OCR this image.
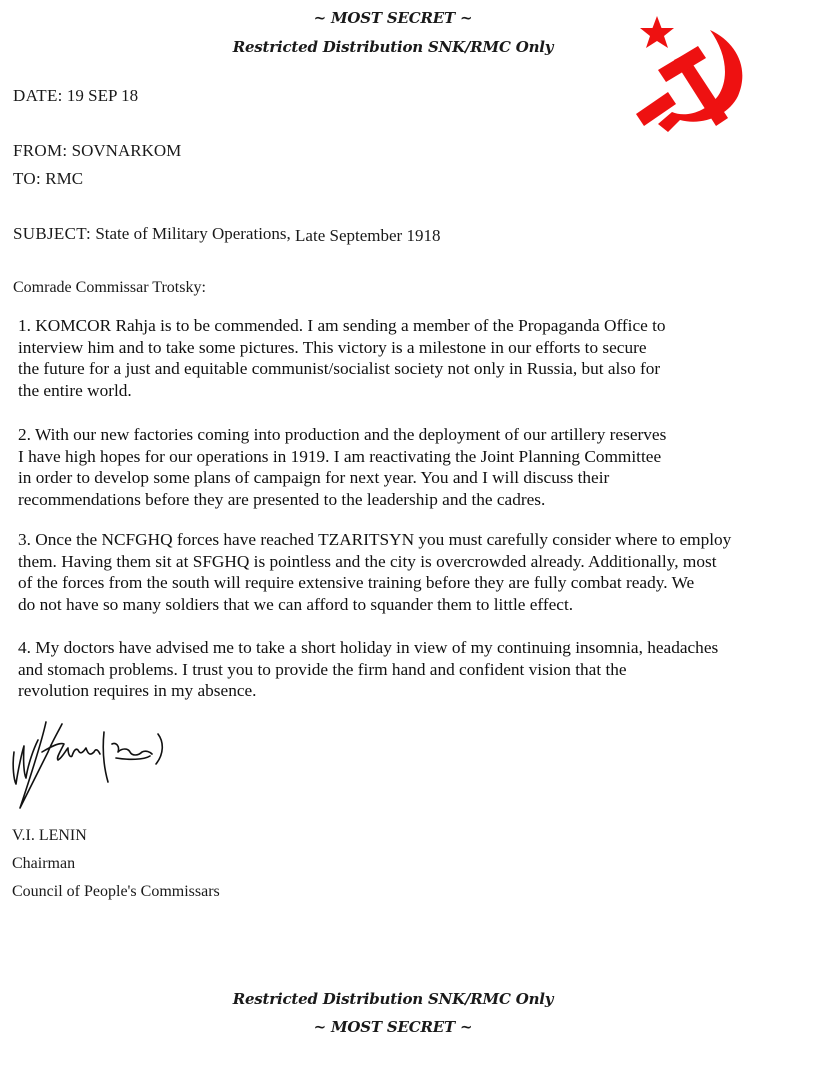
~ MOST SECRET ~
Restricted Distribution SNK/RMC Only
DATE: 19 SEP 18
FROM: SOVNARKOM
TO: RMC
SUBJECT: State of Military Operations, Late September 1918
Comrade Commissar Trotsky:
1. KOMCOR Rahja is to be commended. I am sending a member of the Propaganda Office to
interview him and to take some pictures. This victory is a milestone in our efforts to secure
the future for a just and equitable communist/socialist society not only in Russia, but also for
the entire world.
2. With our new factories coming into production and the deployment of our artillery reserves
I have high hopes for our operations in 1919. I am reactivating the Joint Planning Committee
in order to develop some plans of campaign for next year. You and I will discuss their
recommendations before they are presented to the leadership and the cadres.
3. Once the NCFGHQ forces have reached TZARITSYN you must carefully consider where to employ
them. Having them sit at SFGHQ is pointless and the city is overcrowded already. Additionally, most
of the forces from the south will require extensive training before they are fully combat ready. We
do not have so many soldiers that we can afford to squander them to little effect.
4. My doctors have advised me to take a short holiday in view of my continuing insomnia, headaches
and stomach problems. I trust you to provide the firm hand and confident vision that the
revolution requires in my absence.
V.I. LENIN
Chairman
Council of People's Commissars
Restricted Distribution SNK/RMC Only
~ MOST SECRET ~
